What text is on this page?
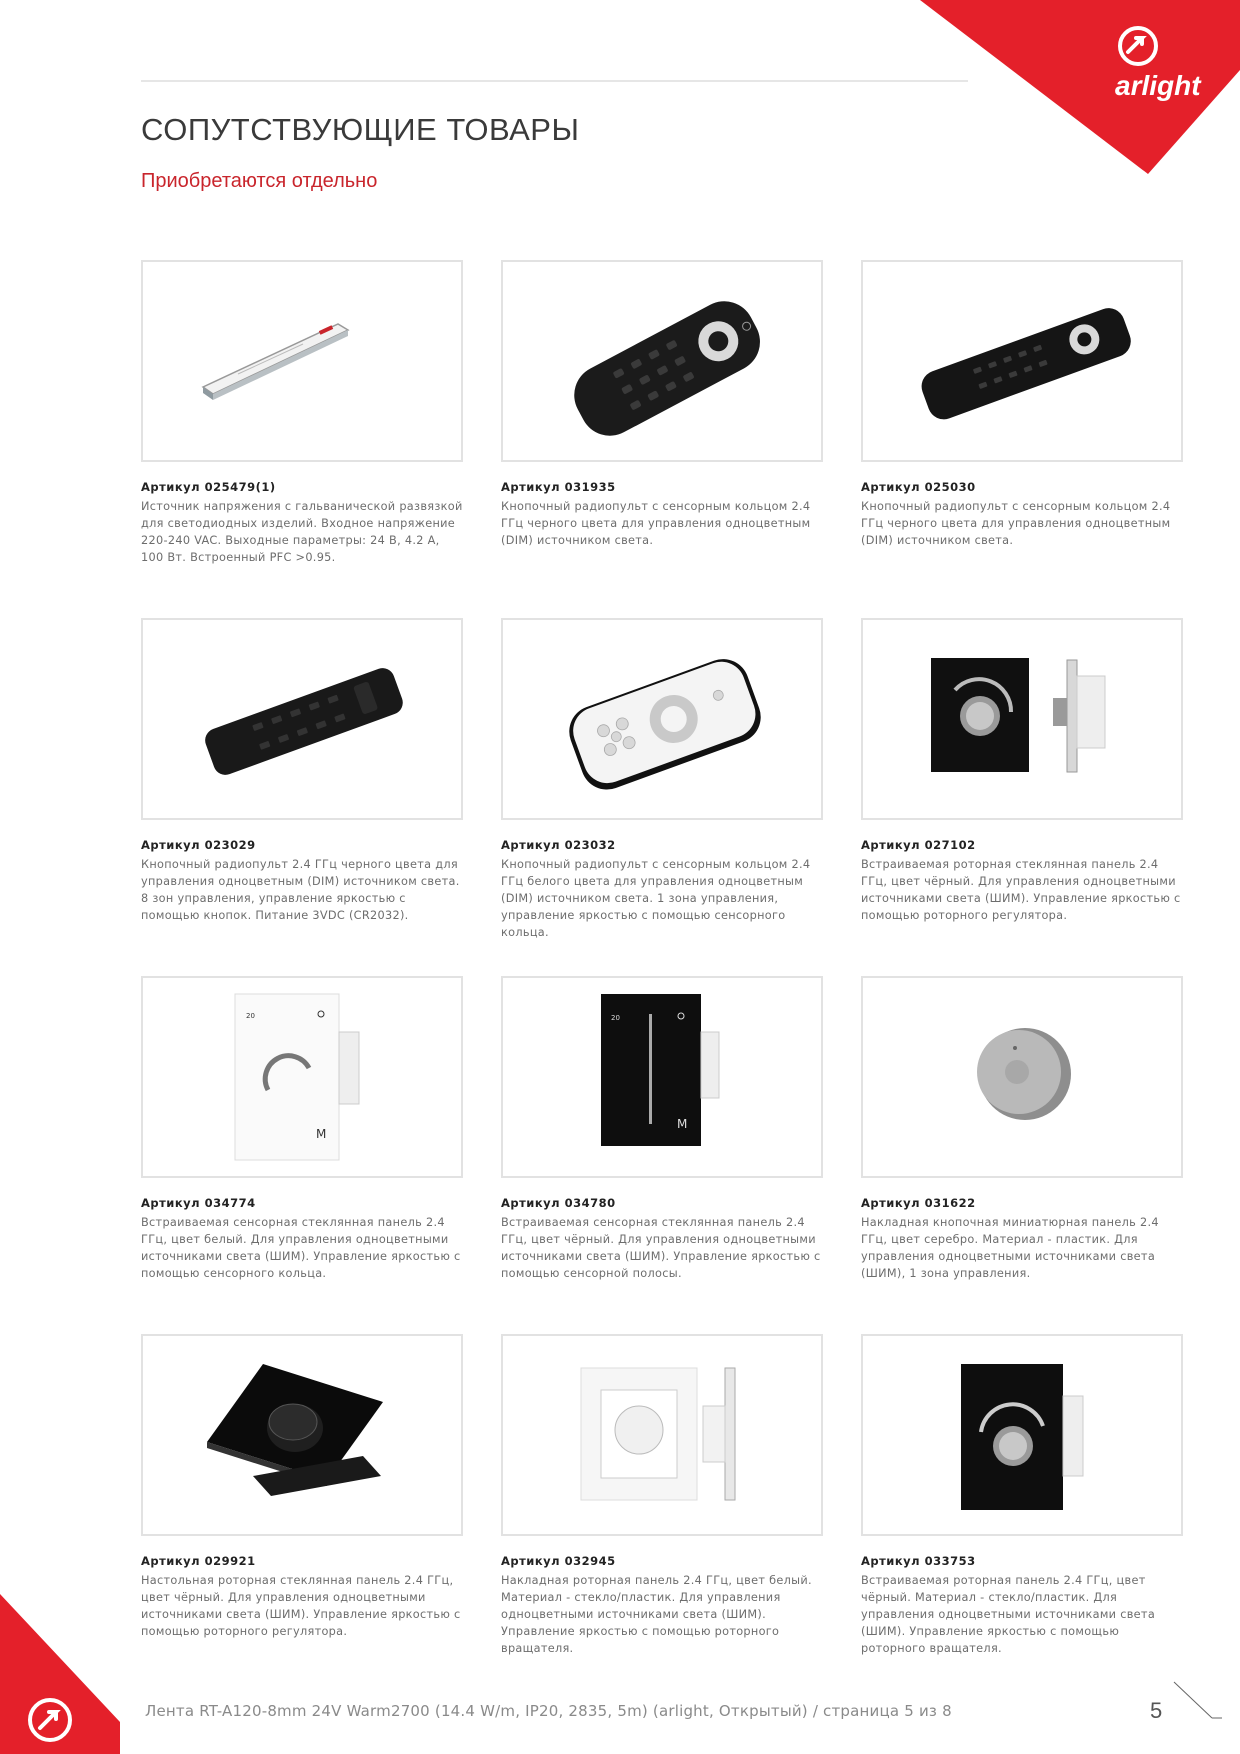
arlight
СОПУТСТВУЮЩИЕ ТОВАРЫ

Приобретаются отдельно

Артикул 025479(1)
Источник напряжения с гальванической развязкой для светодиодных изделий. Входное напряжение 220-240 VAC. Выходные параметры: 24 В, 4.2 А, 100 Вт. Встроенный PFC >0.95.
Артикул 031935
Кнопочный радиопульт с сенсорным кольцом 2.4 ГГц черного цвета для управления одноцветным (DIM) источником света.
Артикул 025030
Кнопочный радиопульт с сенсорным кольцом 2.4 ГГц черного цвета для управления одноцветным (DIM) источником света.
Артикул 023029
Кнопочный радиопульт 2.4 ГГц черного цвета для управления одноцветным (DIM) источником света. 8 зон управления, управление яркостью с помощью кнопок. Питание 3VDC (CR2032).
Артикул 023032
Кнопочный радиопульт с сенсорным кольцом 2.4 ГГц белого цвета для управления одноцветным (DIM) источником света. 1 зона управления, управление яркостью с помощью сенсорного кольца.
Артикул 027102
Встраиваемая роторная стеклянная панель 2.4 ГГц, цвет чёрный. Для управления одноцветными источниками света (ШИМ). Управление яркостью с помощью роторного регулятора.
20
M
Артикул 034774
Встраиваемая сенсорная стеклянная панель 2.4 ГГц, цвет белый. Для управления одноцветными источниками света (ШИМ). Управление яркостью с помощью сенсорного кольца.
20
M
Артикул 034780
Встраиваемая сенсорная стеклянная панель 2.4 ГГц, цвет чёрный. Для управления одноцветными источниками света (ШИМ). Управление яркостью с помощью сенсорной полосы.
Артикул 031622
Накладная кнопочная миниатюрная панель 2.4 ГГц, цвет серебро. Материал - пластик. Для управления одноцветными источниками света (ШИМ), 1 зона управления.
Артикул 029921
Настольная роторная стеклянная панель 2.4 ГГц, цвет чёрный. Для управления одноцветными источниками света (ШИМ). Управление яркостью с помощью роторного регулятора.
Артикул 032945
Накладная роторная панель 2.4 ГГц, цвет белый. Материал - стекло/пластик. Для управления одноцветными источниками света (ШИМ). Управление яркостью с помощью роторного вращателя.
Артикул 033753
Встраиваемая роторная панель 2.4 ГГц, цвет чёрный. Материал - стекло/пластик. Для управления одноцветными источниками света (ШИМ). Управление яркостью с помощью роторного вращателя.
Лента RT-A120-8mm 24V Warm2700 (14.4 W/m, IP20, 2835, 5m) (arlight, Открытый) / страница 5 из 8	5
